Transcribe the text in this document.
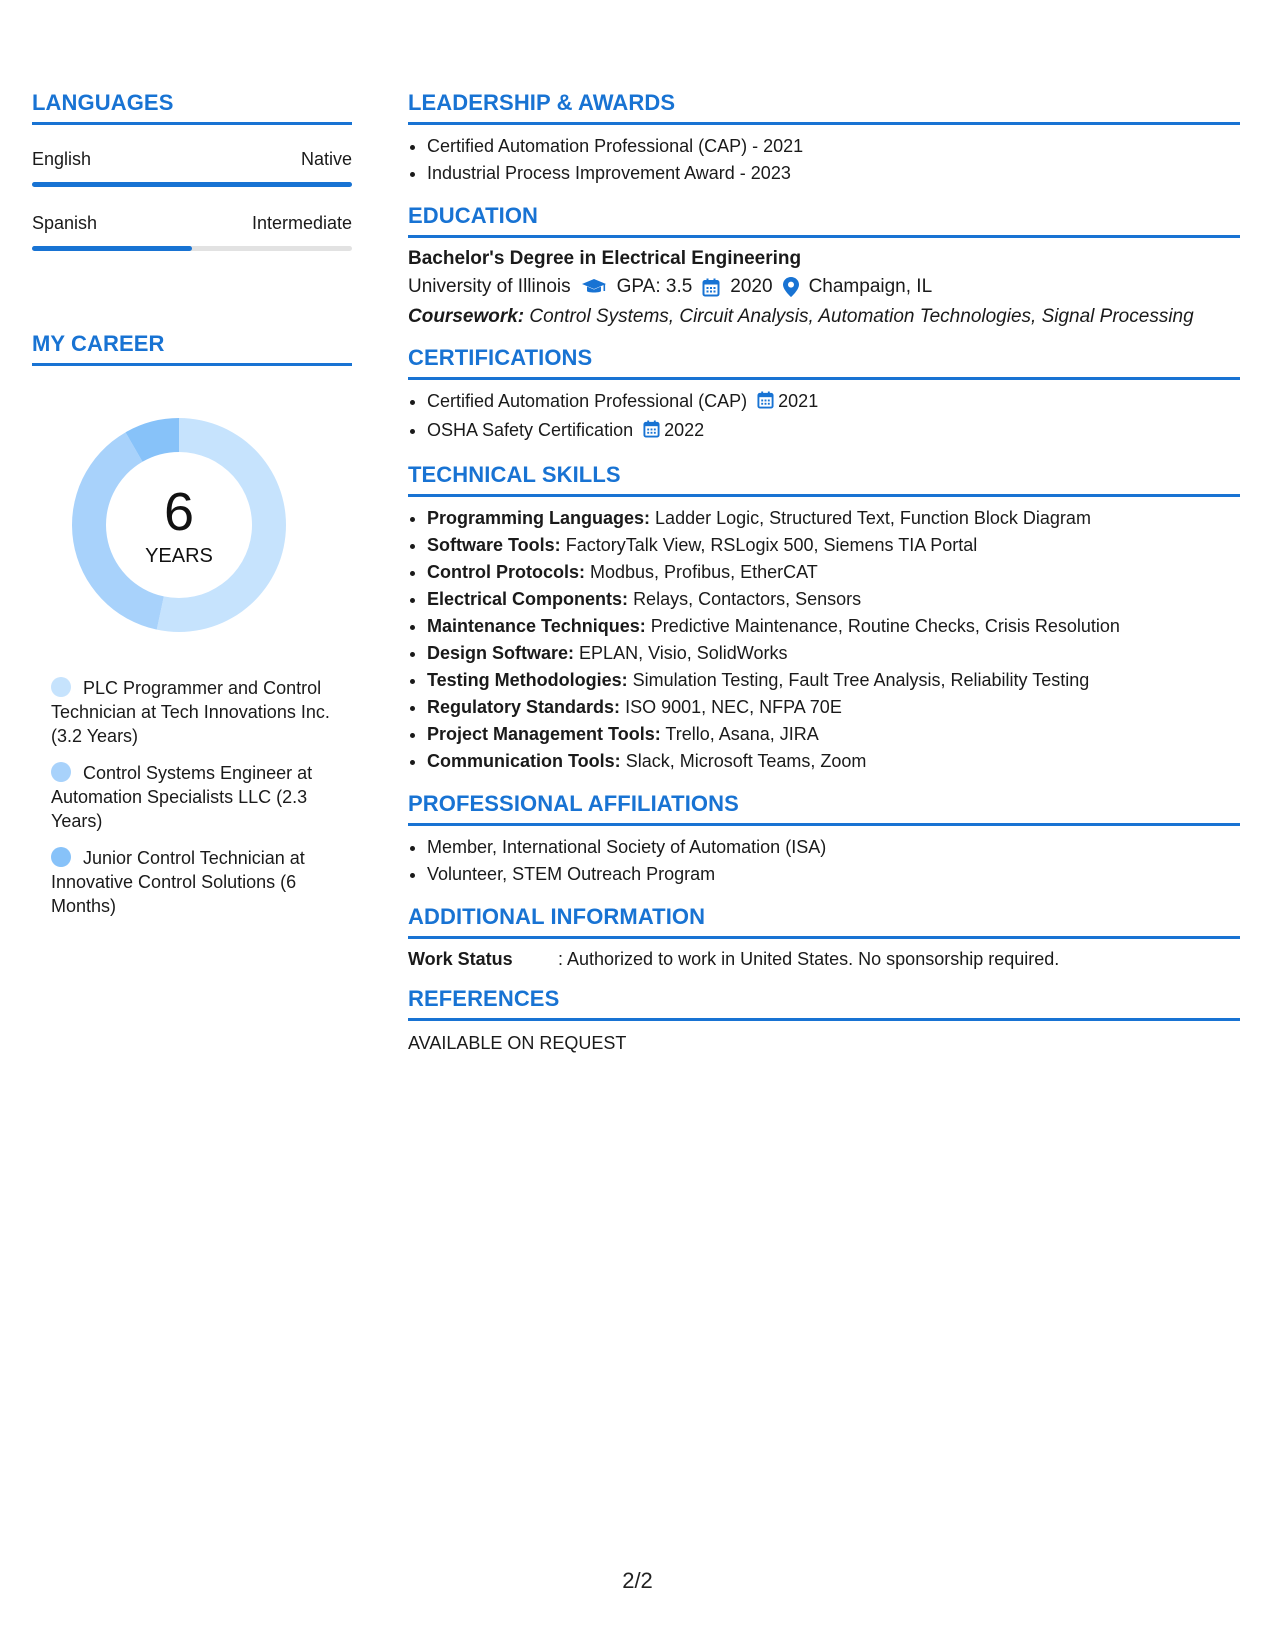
LANGUAGES
English	Native
Spanish	Intermediate
MY CAREER
6
YEARS
PLC Programmer and Control Technician at Tech Innovations Inc. (3.2 Years)
Control Systems Engineer at Automation Specialists LLC (2.3 Years)
Junior Control Technician at Innovative Control Solutions (6 Months)
LEADERSHIP & AWARDS
• Certified Automation Professional (CAP) - 2021
• Industrial Process Improvement Award - 2023
EDUCATION
Bachelor's Degree in Electrical Engineering
University of Illinois GPA: 3.5 2020 Champaign, IL
Coursework: Control Systems, Circuit Analysis, Automation Technologies, Signal Processing
CERTIFICATIONS
• Certified Automation Professional (CAP) 2021
• OSHA Safety Certification 2022
TECHNICAL SKILLS
• Programming Languages: Ladder Logic, Structured Text, Function Block Diagram
• Software Tools: FactoryTalk View, RSLogix 500, Siemens TIA Portal
• Control Protocols: Modbus, Profibus, EtherCAT
• Electrical Components: Relays, Contactors, Sensors
• Maintenance Techniques: Predictive Maintenance, Routine Checks, Crisis Resolution
• Design Software: EPLAN, Visio, SolidWorks
• Testing Methodologies: Simulation Testing, Fault Tree Analysis, Reliability Testing
• Regulatory Standards: ISO 9001, NEC, NFPA 70E
• Project Management Tools: Trello, Asana, JIRA
• Communication Tools: Slack, Microsoft Teams, Zoom
PROFESSIONAL AFFILIATIONS
• Member, International Society of Automation (ISA)
• Volunteer, STEM Outreach Program
ADDITIONAL INFORMATION
Work Status	: Authorized to work in United States. No sponsorship required.
REFERENCES
AVAILABLE ON REQUEST
2/2
